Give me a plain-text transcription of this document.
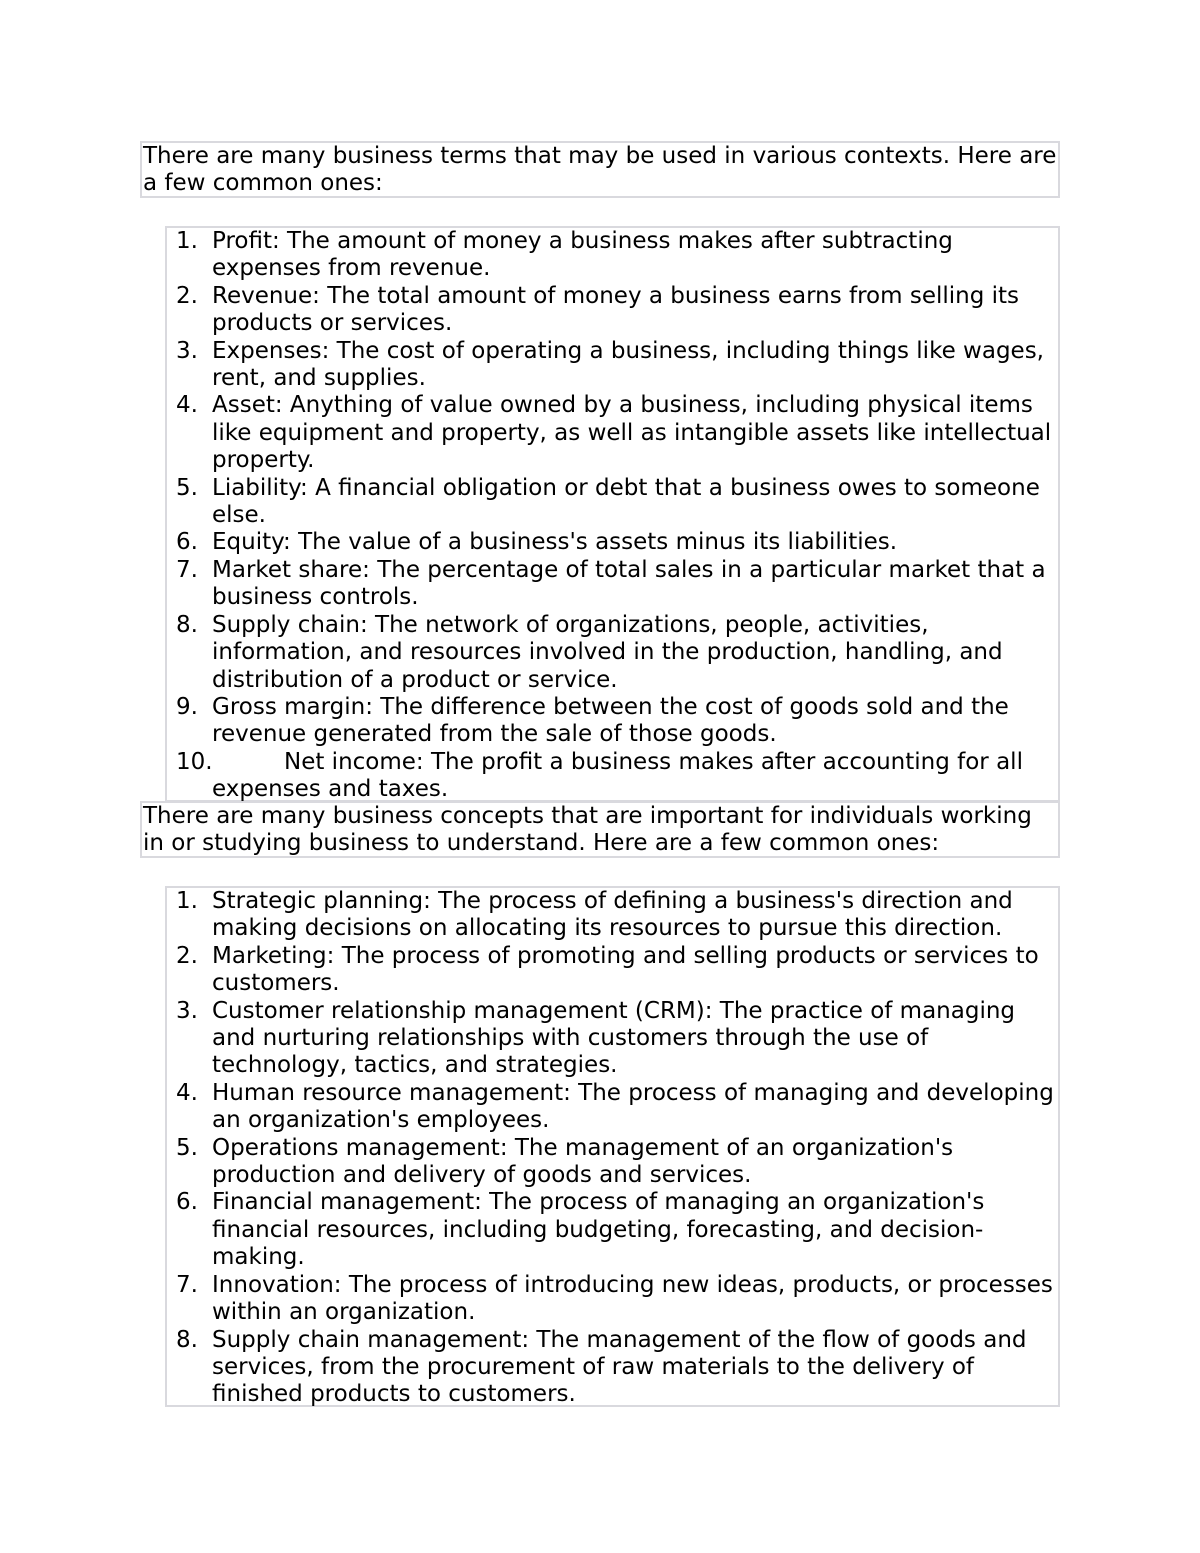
There are many business terms that may be used in various contexts. Here are a few common ones:

1. Profit: The amount of money a business makes after subtracting expenses from revenue.
2. Revenue: The total amount of money a business earns from selling its products or services.
3. Expenses: The cost of operating a business, including things like wages, rent, and supplies.
4. Asset: Anything of value owned by a business, including physical items like equipment and property, as well as intangible assets like intellectual property.
5. Liability: A financial obligation or debt that a business owes to someone else.
6. Equity: The value of a business's assets minus its liabilities.
7. Market share: The percentage of total sales in a particular market that a business controls.
8. Supply chain: The network of organizations, people, activities, information, and resources involved in the production, handling, and distribution of a product or service.
9. Gross margin: The difference between the cost of goods sold and the revenue generated from the sale of those goods.
10.	Net income: The profit a business makes after accounting for all expenses and taxes.

There are many business concepts that are important for individuals working in or studying business to understand. Here are a few common ones:

1. Strategic planning: The process of defining a business's direction and making decisions on allocating its resources to pursue this direction.
2. Marketing: The process of promoting and selling products or services to customers.
3. Customer relationship management (CRM): The practice of managing and nurturing relationships with customers through the use of technology, tactics, and strategies.
4. Human resource management: The process of managing and developing an organization's employees.
5. Operations management: The management of an organization's production and delivery of goods and services.
6. Financial management: The process of managing an organization's financial resources, including budgeting, forecasting, and decision-making.
7. Innovation: The process of introducing new ideas, products, or processes within an organization.
8. Supply chain management: The management of the flow of goods and services, from the procurement of raw materials to the delivery of finished products to customers.
